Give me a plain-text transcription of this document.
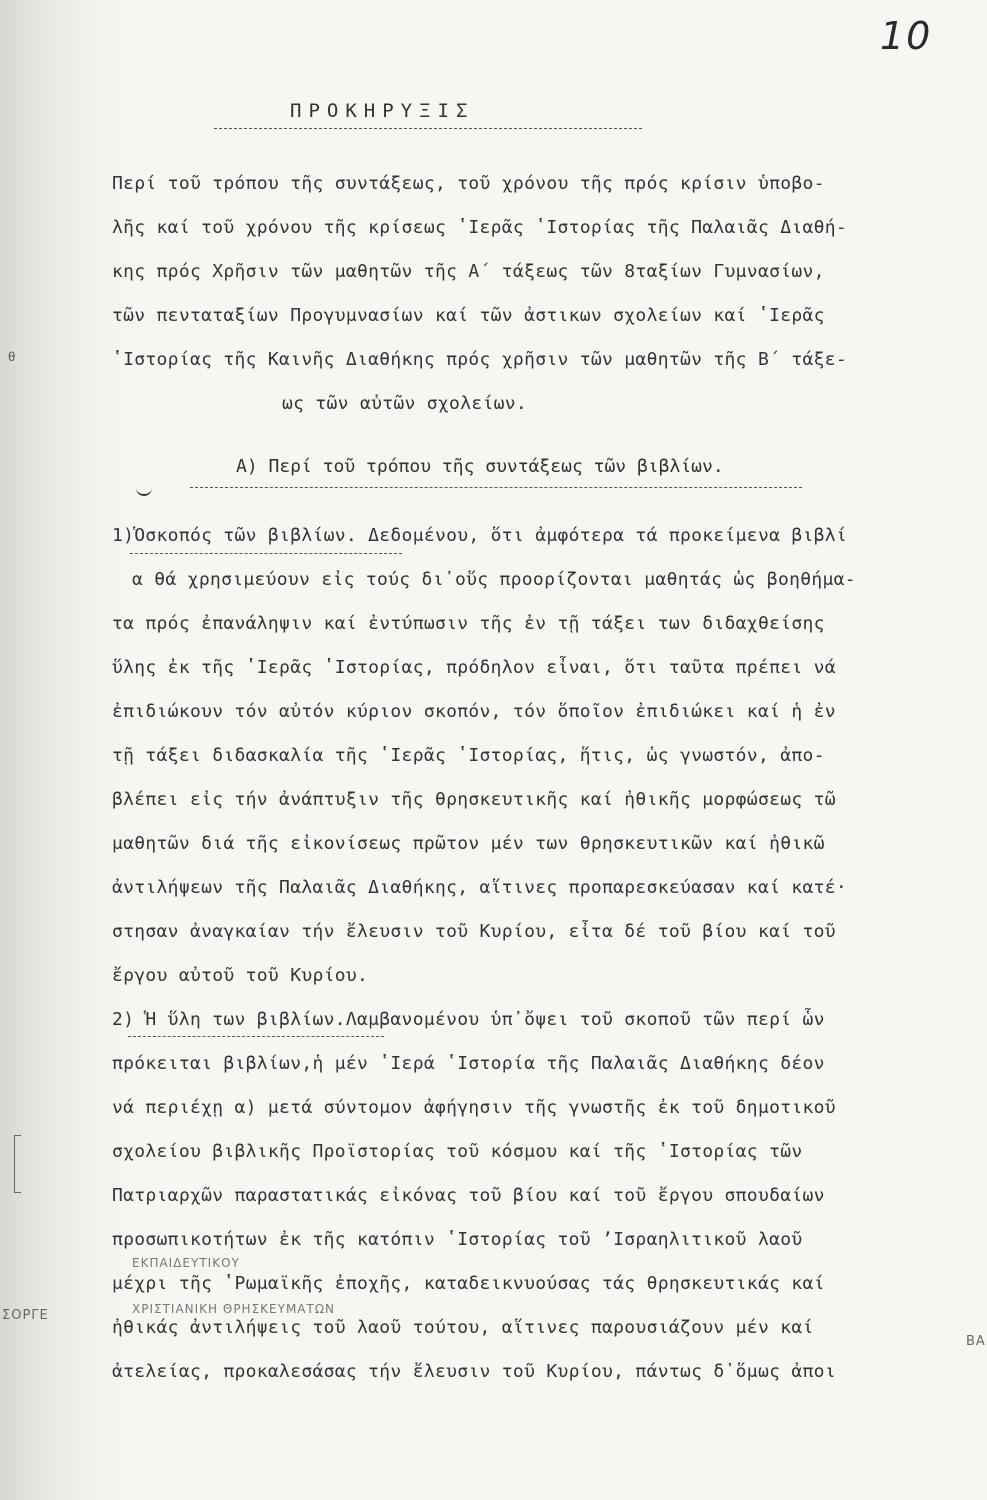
10
ΠΡΟΚΗΡΥΞΙΣ
θ
Περί τοῦ τρόπου τῆς συντάξεως, τοῦ χρόνου τῆς πρός κρίσιν ὑποβο-
λῆς καί τοῦ χρόνου τῆς κρίσεως ʽΙερᾶς ʽΙστορίας τῆς Παλαιᾶς Διαθή-
κης πρός Χρῆσιν τῶν μαθητῶν τῆς Α΄ τάξεως τῶν 8ταξίων Γυμνασίων,
τῶν πενταταξίων Προγυμνασίων καί τῶν ἀστικων σχολείων καί ʽΙερᾶς
ʽΙστορίας τῆς Καινῆς Διαθήκης πρός χρῆσιν τῶν μαθητῶν τῆς Β΄ τάξε-
ως τῶν αὐτῶν σχολείων.
Α) Περί τοῦ τρόπου τῆς συντάξεως τῶν βιβλίων.
1)Ὁσκοπός τῶν βιβλίων. Δεδομένου, ὅτι ἀμφότερα τά προκείμενα βιβλί
α θά χρησιμεύουν εἰς τούς δι᾽οὕς προορίζονται μαθητάς ὡς βοηθήμα-
τα πρός ἐπανάληψιν καί ἐντύπωσιν τῆς ἐν τῇ τάξει των διδαχθείσης
ὕλης ἐκ τῆς ʽΙερᾶς ʽΙστορίας, πρόδηλον εἶναι, ὅτι ταῦτα πρέπει νά
ἐπιδιώκουν τόν αὐτόν κύριον σκοπόν, τόν ὅποῖον ἐπιδιώκει καί ἡ ἐν
τῇ τάξει διδασκαλία τῆς ʽΙερᾶς ʽΙστορίας, ἥτις, ὡς γνωστόν, ἀπο-
βλέπει εἰς τήν ἀνάπτυξιν τῆς θρησκευτικῆς καί ἠθικῆς μορφώσεως τῶ
μαθητῶν διά τῆς εἰκονίσεως πρῶτον μέν των θρησκευτικῶν καί ἠθικῶ
ἀντιλήψεων τῆς Παλαιᾶς Διαθήκης, αἵτινες προπαρεσκεύασαν καί κατέ·
στησαν ἀναγκαίαν τήν ἔλευσιν τοῦ Κυρίου, εἶτα δέ τοῦ βίου καί τοῦ
ἔργου αὐτοῦ τοῦ Κυρίου.
2) Ἡ ὕλη των βιβλίων.Λαμβανομένου ὑπ᾽ὄψει τοῦ σκοποῦ τῶν περί ὧν
πρόκειται βιβλίων,ἡ μέν ʽΙερά ʽΙστορία τῆς Παλαιᾶς Διαθήκης δέον
νά περιέχῃ α) μετά σύντομον ἀφήγησιν τῆς γνωστῆς ἐκ τοῦ δημοτικοῦ
σχολείου βιβλικῆς Προϊστορίας τοῦ κόσμου καί τῆς ʽΙστορίας τῶν
Πατριαρχῶν παραστατικάς εἰκόνας τοῦ βίου καί τοῦ ἔργου σπουδαίων
προσωπικοτήτων ἐκ τῆς κατόπιν ʽΙστορίας τοῦ ʼΙσραηλιτικοῦ λαοῦ
μέχρι τῆς ʽΡωμαϊκῆς ἐποχῆς, καταδεικνυούσας τάς θρησκευτικάς καί
ἠθικάς ἀντιλήψεις τοῦ λαοῦ τούτου, αἵτινες παρουσιάζουν μέν καί
ἀτελείας, προκαλεσάσας τήν ἔλευσιν τοῦ Κυρίου, πάντως δ᾽ὅμως ἀποι
ΕΚΠΑΙΔΕΥΤΙΚΟΥ
ΧΡΙΣΤΙΑΝΙΚΗ ΘΡΗΣΚΕΥΜΑΤΩΝ
ΣΟΡΓΕ
ΒΑ
